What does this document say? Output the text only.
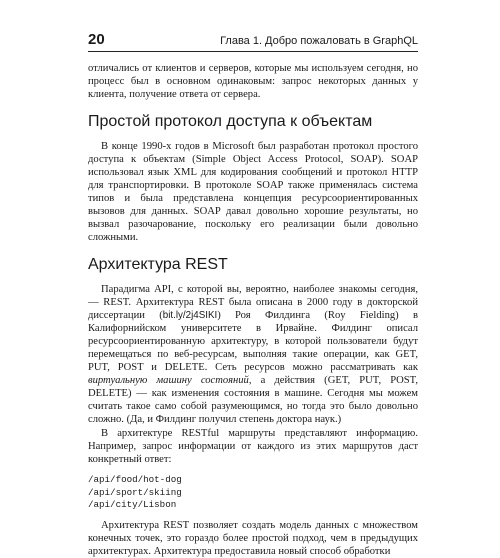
20	Глава 1. Добро пожаловать в GraphQL

отличались от клиентов и серверов, которые мы используем сегодня, но процесс был в основном одинаковым: запрос некоторых данных у клиента, получение ответа от сервера.

Простой протокол доступа к объектам

В конце 1990-х годов в Microsoft был разработан протокол простого доступа к объектам (Simple Object Access Protocol, SOAP). SOAP использовал язык XML для кодирования сообщений и протокол HTTP для транспортировки. В протоколе SOAP также применялась система типов и была представлена концепция ресурсоориентированных вызовов для данных. SOAP давал довольно хорошие результаты, но вызвал разочарование, поскольку его реализации были довольно сложными.

Архитектура REST

Парадигма API, с которой вы, вероятно, наиболее знакомы сегодня, — REST. Архитектура REST была описана в 2000 году в докторской диссертации (bit.ly/2j4SIKI) Роя Филдинга (Roy Fielding) в Калифорнийском университете в Ирвайне. Филдинг описал ресурсоориентированную архитектуру, в которой пользователи будут перемещаться по веб-ресурсам, выполняя такие операции, как GET, PUT, POST и DELETE. Сеть ресурсов можно рассматривать как виртуальную машину состояний, а действия (GET, PUT, POST, DELETE) — как изменения состояния в машине. Сегодня мы можем считать такое само собой разумеющимся, но тогда это было довольно сложно. (Да, и Филдинг получил степень доктора наук.)

В архитектуре RESTful маршруты представляют информацию. Например, запрос информации от каждого из этих маршрутов даст конкретный ответ:

/api/food/hot-dog
/api/sport/skiing
/api/city/Lisbon

Архитектура REST позволяет создать модель данных с множеством конечных точек, это гораздо более простой подход, чем в предыдущих архитектурах. Архитектура предоставила новый способ обработки
